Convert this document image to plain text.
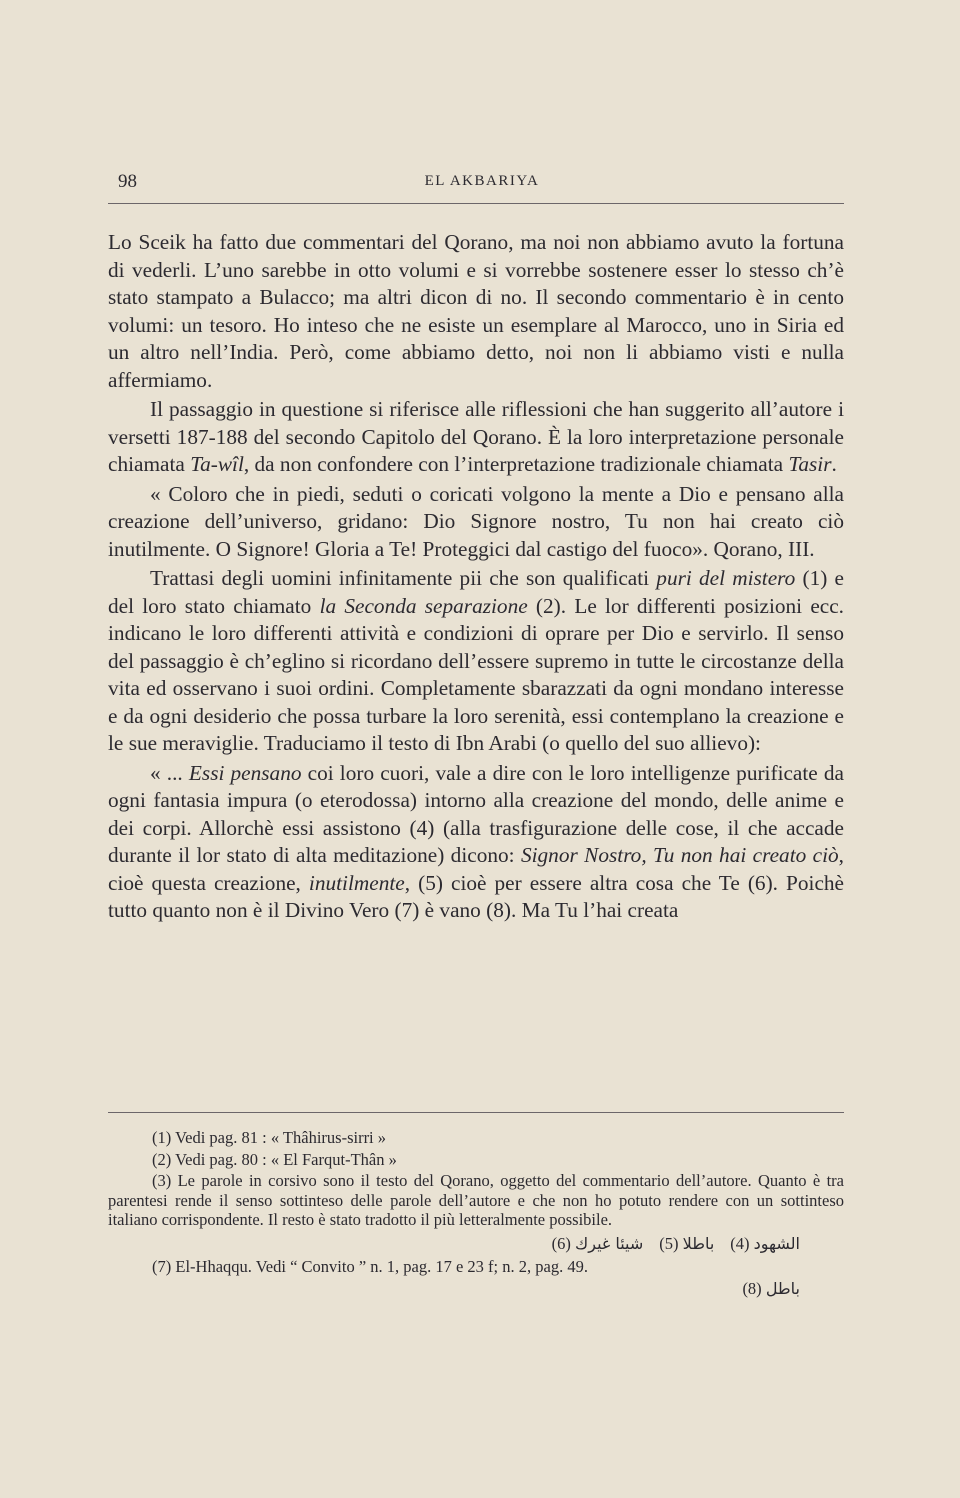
98	EL AKBARIYA

Lo Sceik ha fatto due commentari del Qorano, ma noi non abbiamo avuto la fortuna di vederli. L’uno sarebbe in otto volumi e si vorrebbe sostenere esser lo stesso ch’è stato stampato a Bulacco; ma altri dicon di no. Il secondo commentario è in cento volumi: un tesoro. Ho inteso che ne esiste un esemplare al Marocco, uno in Siria ed un altro nell’India. Però, come abbiamo detto, noi non li abbiamo visti e nulla affermiamo.

Il passaggio in questione si riferisce alle riflessioni che han suggerito all’autore i versetti 187-188 del secondo Capitolo del Qorano. È la loro interpretazione personale chiamata Ta-wîl, da non confondere con l’interpretazione tradizionale chiamata Tasir.

« Coloro che in piedi, seduti o coricati volgono la mente a Dio e pensano alla creazione dell’universo, gridano: Dio Signore nostro, Tu non hai creato ciò inutilmente. O Signore! Gloria a Te! Proteggici dal castigo del fuoco». Qorano, III.

Trattasi degli uomini infinitamente pii che son qualificati puri del mistero (1) e del loro stato chiamato la Seconda separazione (2). Le lor differenti posizioni ecc. indicano le loro differenti attività e condizioni di oprare per Dio e servirlo. Il senso del passaggio è ch’eglino si ricordano dell’essere supremo in tutte le circostanze della vita ed osservano i suoi ordini. Completamente sbarazzati da ogni mondano interesse e da ogni desiderio che possa turbare la loro serenità, essi contemplano la creazione e le sue meraviglie. Traduciamo il testo di Ibn Arabi (o quello del suo allievo):

« ... Essi pensano coi loro cuori, vale a dire con le loro intelligenze purificate da ogni fantasia impura (o eterodossa) intorno alla creazione del mondo, delle anime e dei corpi. Allorchè essi assistono (4) (alla trasfigurazione delle cose, il che accade durante il lor stato di alta meditazione) dicono: Signor Nostro, Tu non hai creato ciò, cioè questa creazione, inutilmente, (5) cioè per essere altra cosa che Te (6). Poichè tutto quanto non è il Divino Vero (7) è vano (8). Ma Tu l’hai creata

(1) Vedi pag. 81 : « Thâhirus-sirri »
(2) Vedi pag. 80 : « El Farqut-Thân »
(3) Le parole in corsivo sono il testo del Qorano, oggetto del commentario dell’autore. Quanto è tra parentesi rende il senso sottinteso delle parole dell’autore e che non ho potuto rendere con un sottinteso italiano corrispondente. Il resto è stato tradotto il più letteralmente possibile.
(6) شيئا غيرك (5) باطلا (4) الشهود
(7) El-Hhaqqu. Vedi “ Convito ” n. 1, pag. 17 e 23 f; n. 2, pag. 49.
(8) باطل
